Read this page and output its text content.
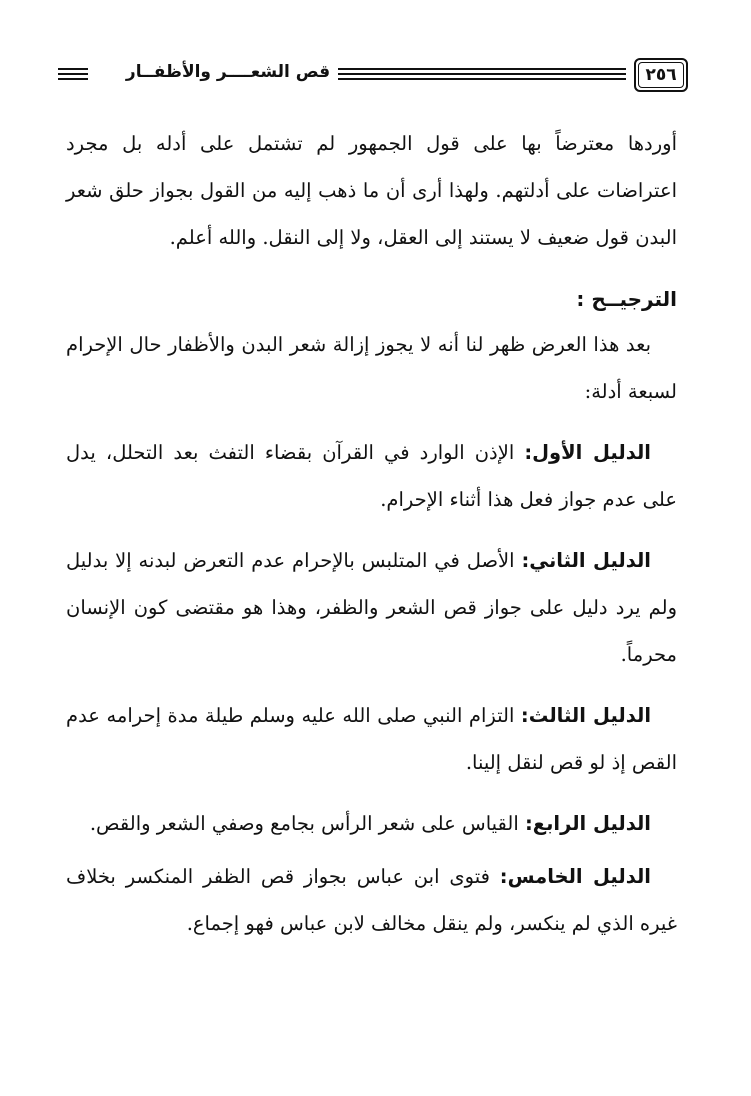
٢٥٦
قص الشعــــر والأظفــار

أوردها معترضاً بها على قول الجمهور لم تشتمل على أدله بل مجرد اعتراضات على أدلتهم. ولهذا أرى أن ما ذهب إليه من القول بجواز حلق شعر البدن قول ضعيف لا يستند إلى العقل، ولا إلى النقل. والله أعلم.

الترجيــح :

بعد هذا العرض ظهر لنا أنه لا يجوز إزالة شعر البدن والأظفار حال الإحرام لسبعة أدلة:

الدليل الأول: الإذن الوارد في القرآن بقضاء التفث بعد التحلل، يدل على عدم جواز فعل هذا أثناء الإحرام.

الدليل الثاني: الأصل في المتلبس بالإحرام عدم التعرض لبدنه إلا بدليل ولم يرد دليل على جواز قص الشعر والظفر، وهذا هو مقتضى كون الإنسان محرماً.

الدليل الثالث: التزام النبي صلى الله عليه وسلم طيلة مدة إحرامه عدم القص إذ لو قص لنقل إلينا.

الدليل الرابع: القياس على شعر الرأس بجامع وصفي الشعر والقص.

الدليل الخامس: فتوى ابن عباس بجواز قص الظفر المنكسر بخلاف غيره الذي لم ينكسر، ولم ينقل مخالف لابن عباس فهو إجماع.
